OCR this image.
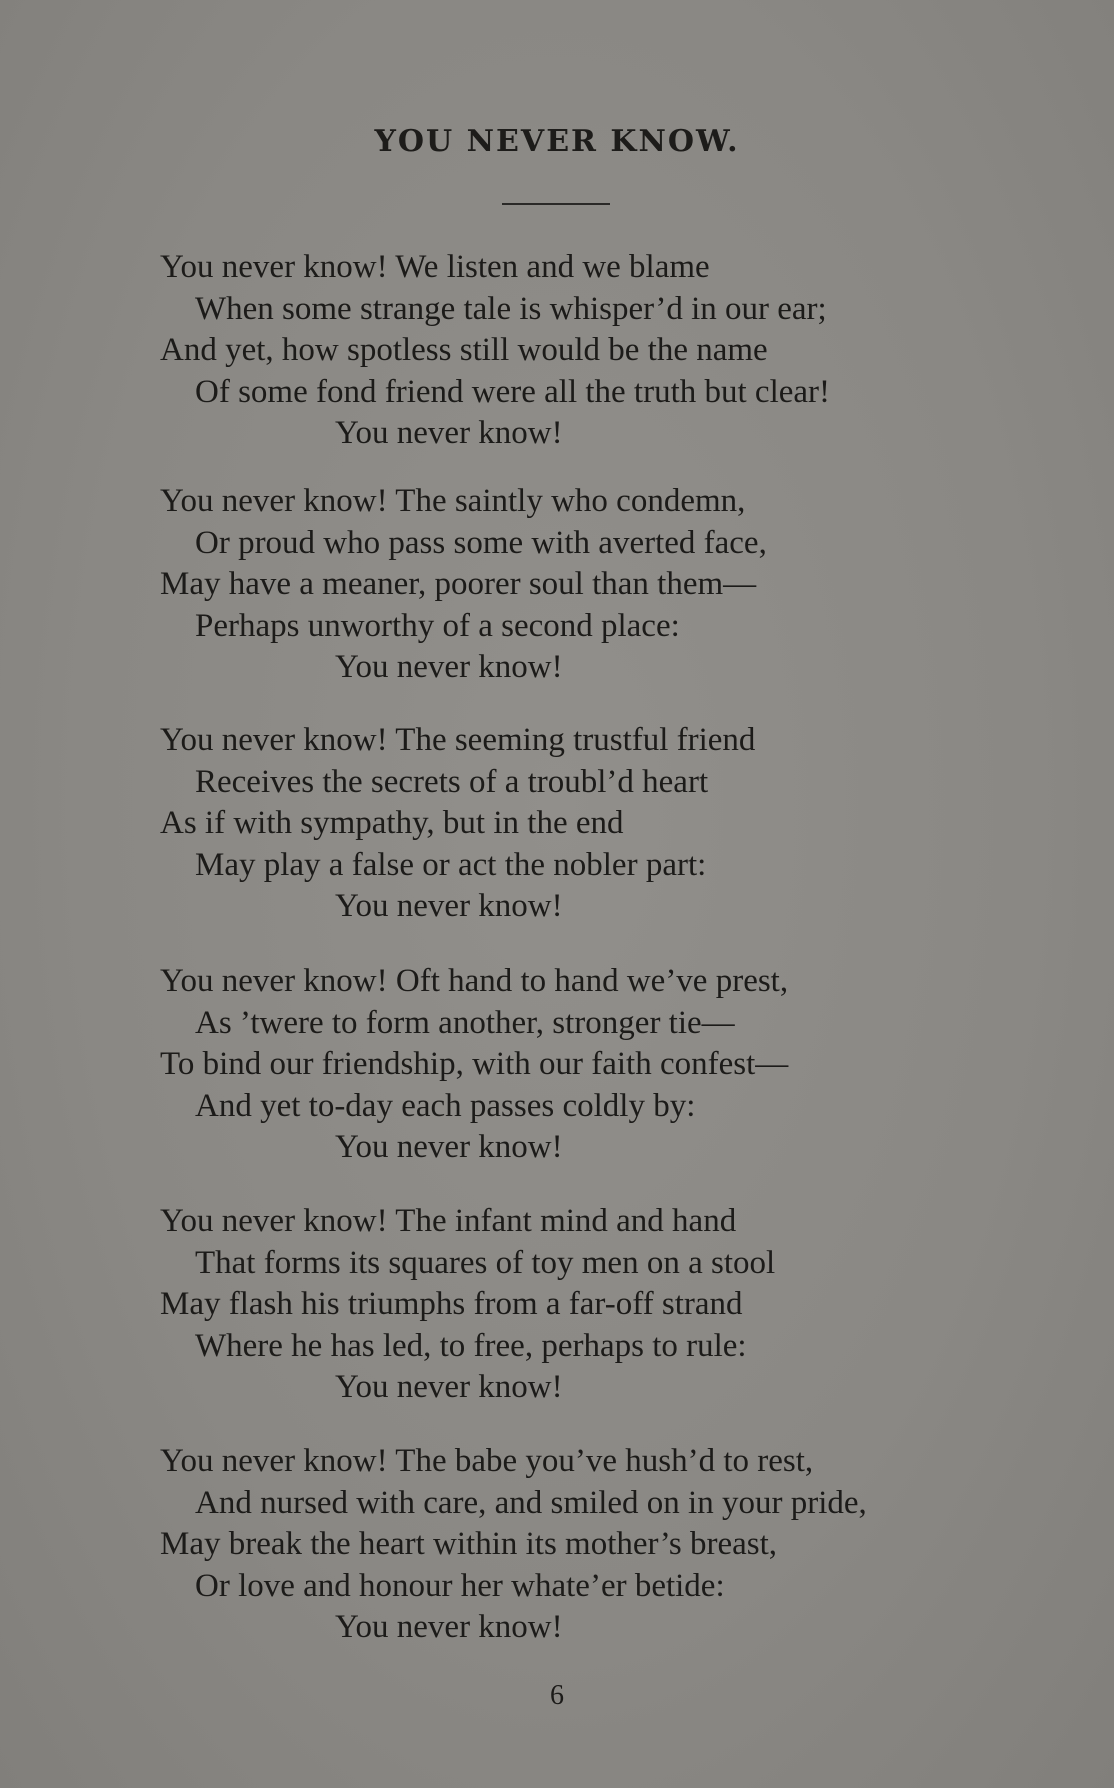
YOU NEVER KNOW.
You never know! We listen and we blame
When some strange tale is whisper’d in our ear;
And yet, how spotless still would be the name
Of some fond friend were all the truth but clear!
You never know!
You never know! The saintly who condemn,
Or proud who pass some with averted face,
May have a meaner, poorer soul than them—
Perhaps unworthy of a second place:
You never know!
You never know! The seeming trustful friend
Receives the secrets of a troubl’d heart
As if with sympathy, but in the end
May play a false or act the nobler part:
You never know!
You never know! Oft hand to hand we’ve prest,
As ’twere to form another, stronger tie—
To bind our friendship, with our faith confest—
And yet to-day each passes coldly by:
You never know!
You never know! The infant mind and hand
That forms its squares of toy men on a stool
May flash his triumphs from a far-off strand
Where he has led, to free, perhaps to rule:
You never know!
You never know! The babe you’ve hush’d to rest,
And nursed with care, and smiled on in your pride,
May break the heart within its mother’s breast,
Or love and honour her whate’er betide:
You never know!
6
